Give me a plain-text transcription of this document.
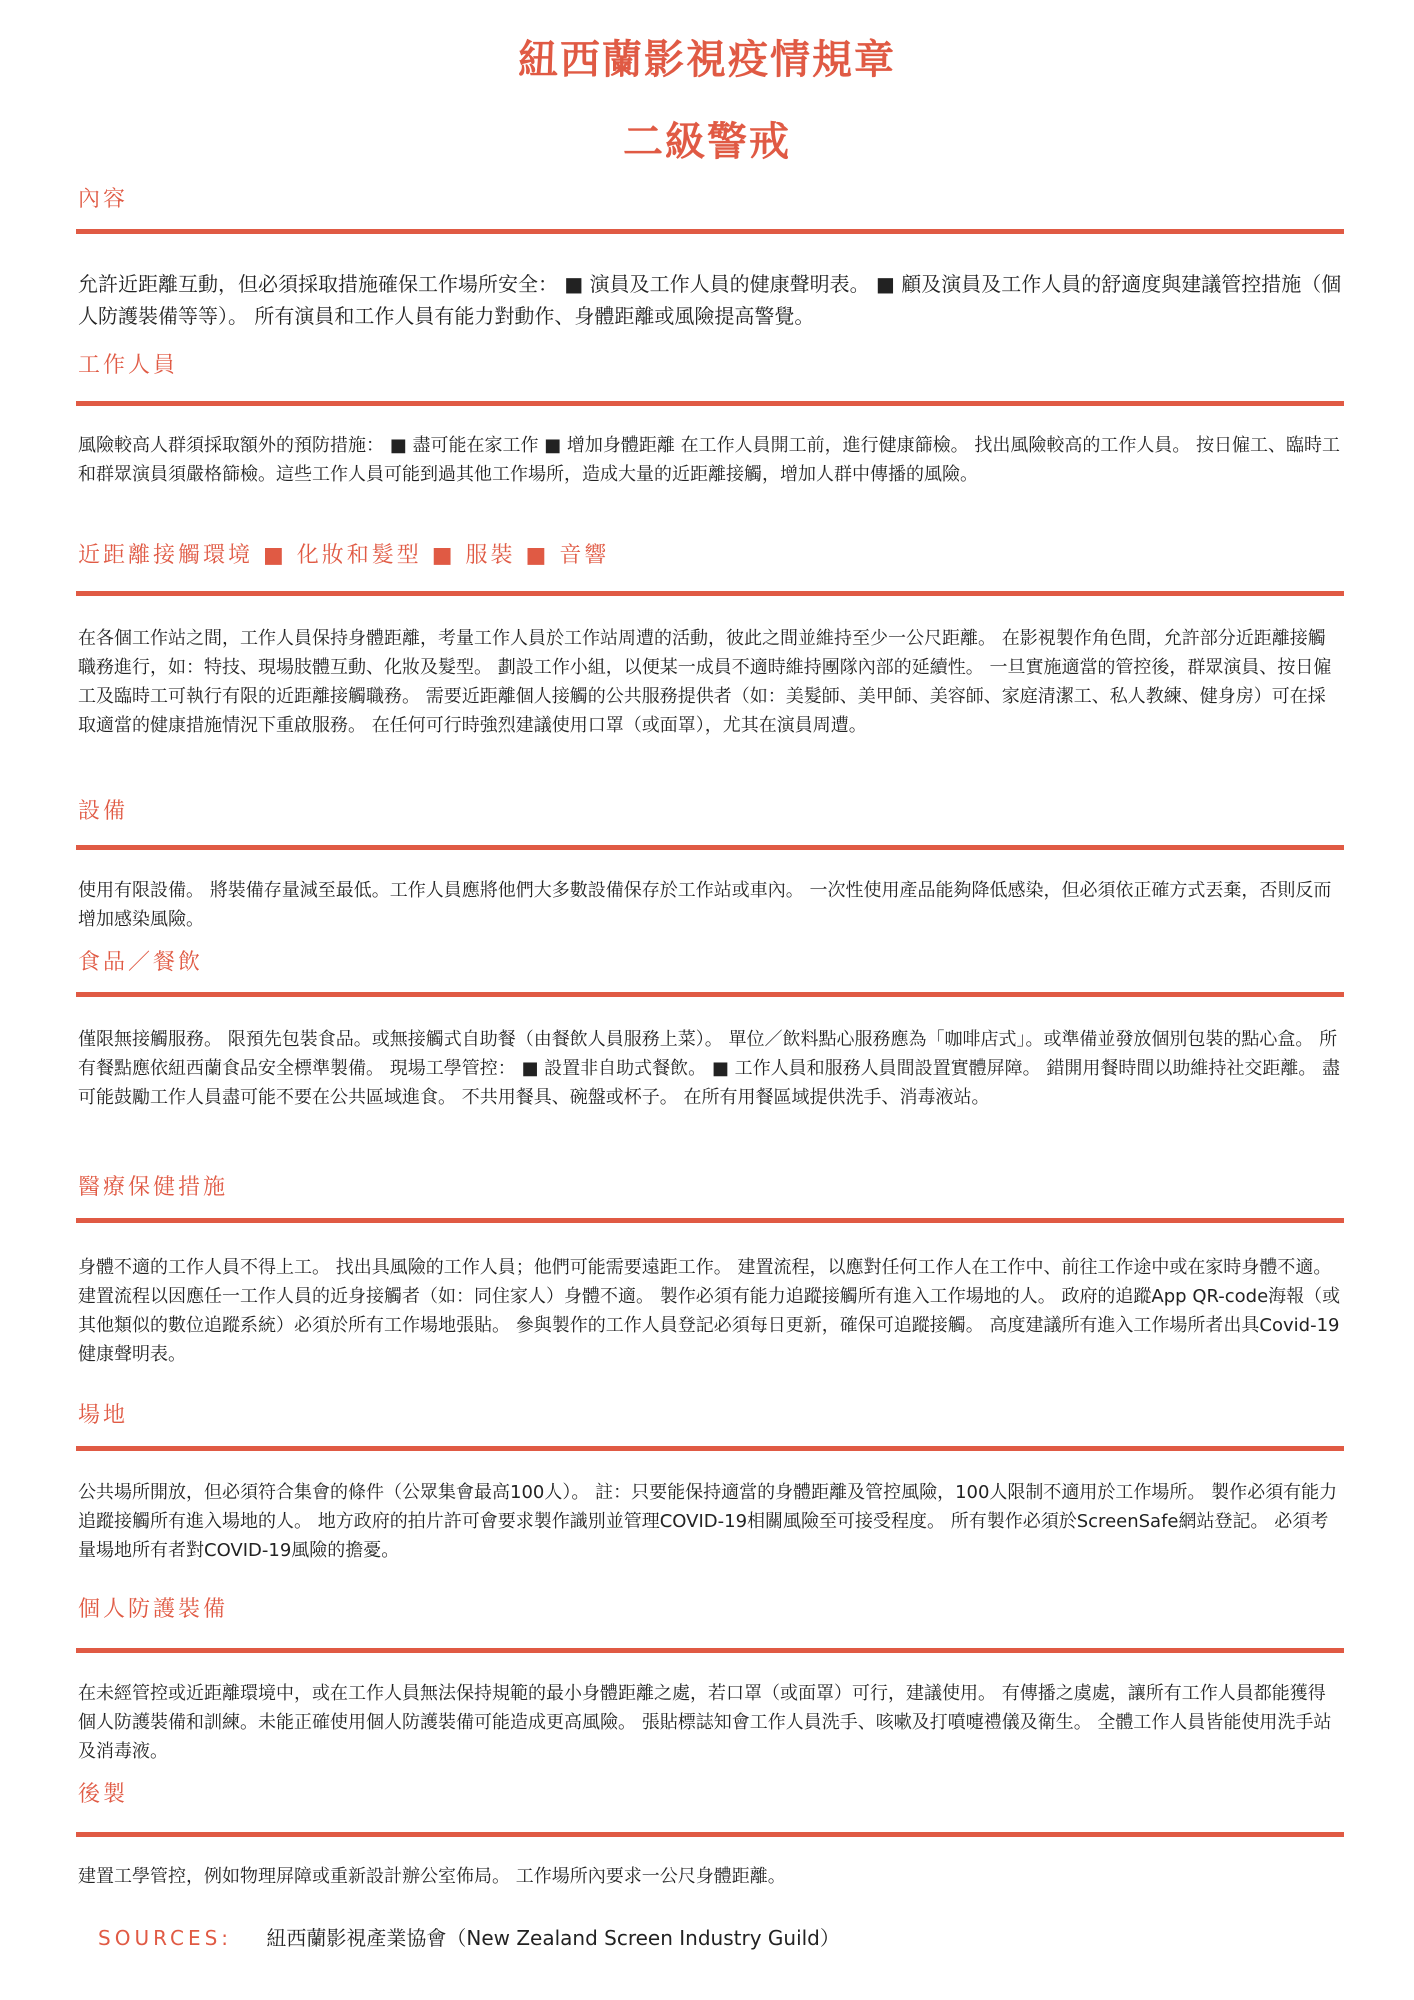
紐西蘭影視疫情規章
二級警戒
內容

允許近距離互動，但必須採取措施確保工作場所安全： ■ 演員及工作人員的健康聲明表。 ■ 顧及演員及工作人員的舒適度與建議管控措施（個人防護裝備等等）。 所有演員和工作人員有能力對動作、身體距離或風險提高警覺。

工作人員

風險較高人群須採取額外的預防措施： ■ 盡可能在家工作 ■ 增加身體距離 在工作人員開工前，進行健康篩檢。 找出風險較高的工作人員。 按日僱工、臨時工和群眾演員須嚴格篩檢。這些工作人員可能到過其他工作場所，造成大量的近距離接觸，增加人群中傳播的風險。

近距離接觸環境 ■ 化妝和髮型 ■ 服裝 ■ 音響

在各個工作站之間，工作人員保持身體距離，考量工作人員於工作站周遭的活動，彼此之間並維持至少一公尺距離。 在影視製作角色間，允許部分近距離接觸職務進行，如：特技、現場肢體互動、化妝及髮型。 劃設工作小組，以便某一成員不適時維持團隊內部的延續性。 一旦實施適當的管控後，群眾演員、按日僱工及臨時工可執行有限的近距離接觸職務。 需要近距離個人接觸的公共服務提供者（如：美髮師、美甲師、美容師、家庭清潔工、私人教練、健身房）可在採取適當的健康措施情況下重啟服務。 在任何可行時強烈建議使用口罩（或面罩），尤其在演員周遭。

設備

使用有限設備。 將裝備存量減至最低。工作人員應將他們大多數設備保存於工作站或車內。 一次性使用產品能夠降低感染，但必須依正確方式丟棄，否則反而增加感染風險。

食品／餐飲

僅限無接觸服務。 限預先包裝食品。或無接觸式自助餐（由餐飲人員服務上菜）。 單位／飲料點心服務應為「咖啡店式」。或準備並發放個別包裝的點心盒。 所有餐點應依紐西蘭食品安全標準製備。 現場工學管控： ■ 設置非自助式餐飲。 ■ 工作人員和服務人員間設置實體屏障。 錯開用餐時間以助維持社交距離。 盡可能鼓勵工作人員盡可能不要在公共區域進食。 不共用餐具、碗盤或杯子。 在所有用餐區域提供洗手、消毒液站。

醫療保健措施

身體不適的工作人員不得上工。 找出具風險的工作人員；他們可能需要遠距工作。 建置流程，以應對任何工作人在工作中、前往工作途中或在家時身體不適。 建置流程以因應任一工作人員的近身接觸者（如：同住家人）身體不適。 製作必須有能力追蹤接觸所有進入工作場地的人。 政府的追蹤App QR-code海報（或其他類似的數位追蹤系統）必須於所有工作場地張貼。 參與製作的工作人員登記必須每日更新，確保可追蹤接觸。 高度建議所有進入工作場所者出具Covid-19健康聲明表。

場地

公共場所開放，但必須符合集會的條件（公眾集會最高100人）。 註：只要能保持適當的身體距離及管控風險，100人限制不適用於工作場所。 製作必須有能力追蹤接觸所有進入場地的人。 地方政府的拍片許可會要求製作識別並管理COVID-19相關風險至可接受程度。 所有製作必須於ScreenSafe網站登記。 必須考量場地所有者對COVID-19風險的擔憂。

個人防護裝備

在未經管控或近距離環境中，或在工作人員無法保持規範的最小身體距離之處，若口罩（或面罩）可行，建議使用。 有傳播之虞處，讓所有工作人員都能獲得個人防護裝備和訓練。未能正確使用個人防護裝備可能造成更高風險。 張貼標誌知會工作人員洗手、咳嗽及打噴嚏禮儀及衛生。 全體工作人員皆能使用洗手站及消毒液。

後製

建置工學管控，例如物理屏障或重新設計辦公室佈局。 工作場所內要求一公尺身體距離。

SOURCES: 紐西蘭影視產業協會（New Zealand Screen Industry Guild）
